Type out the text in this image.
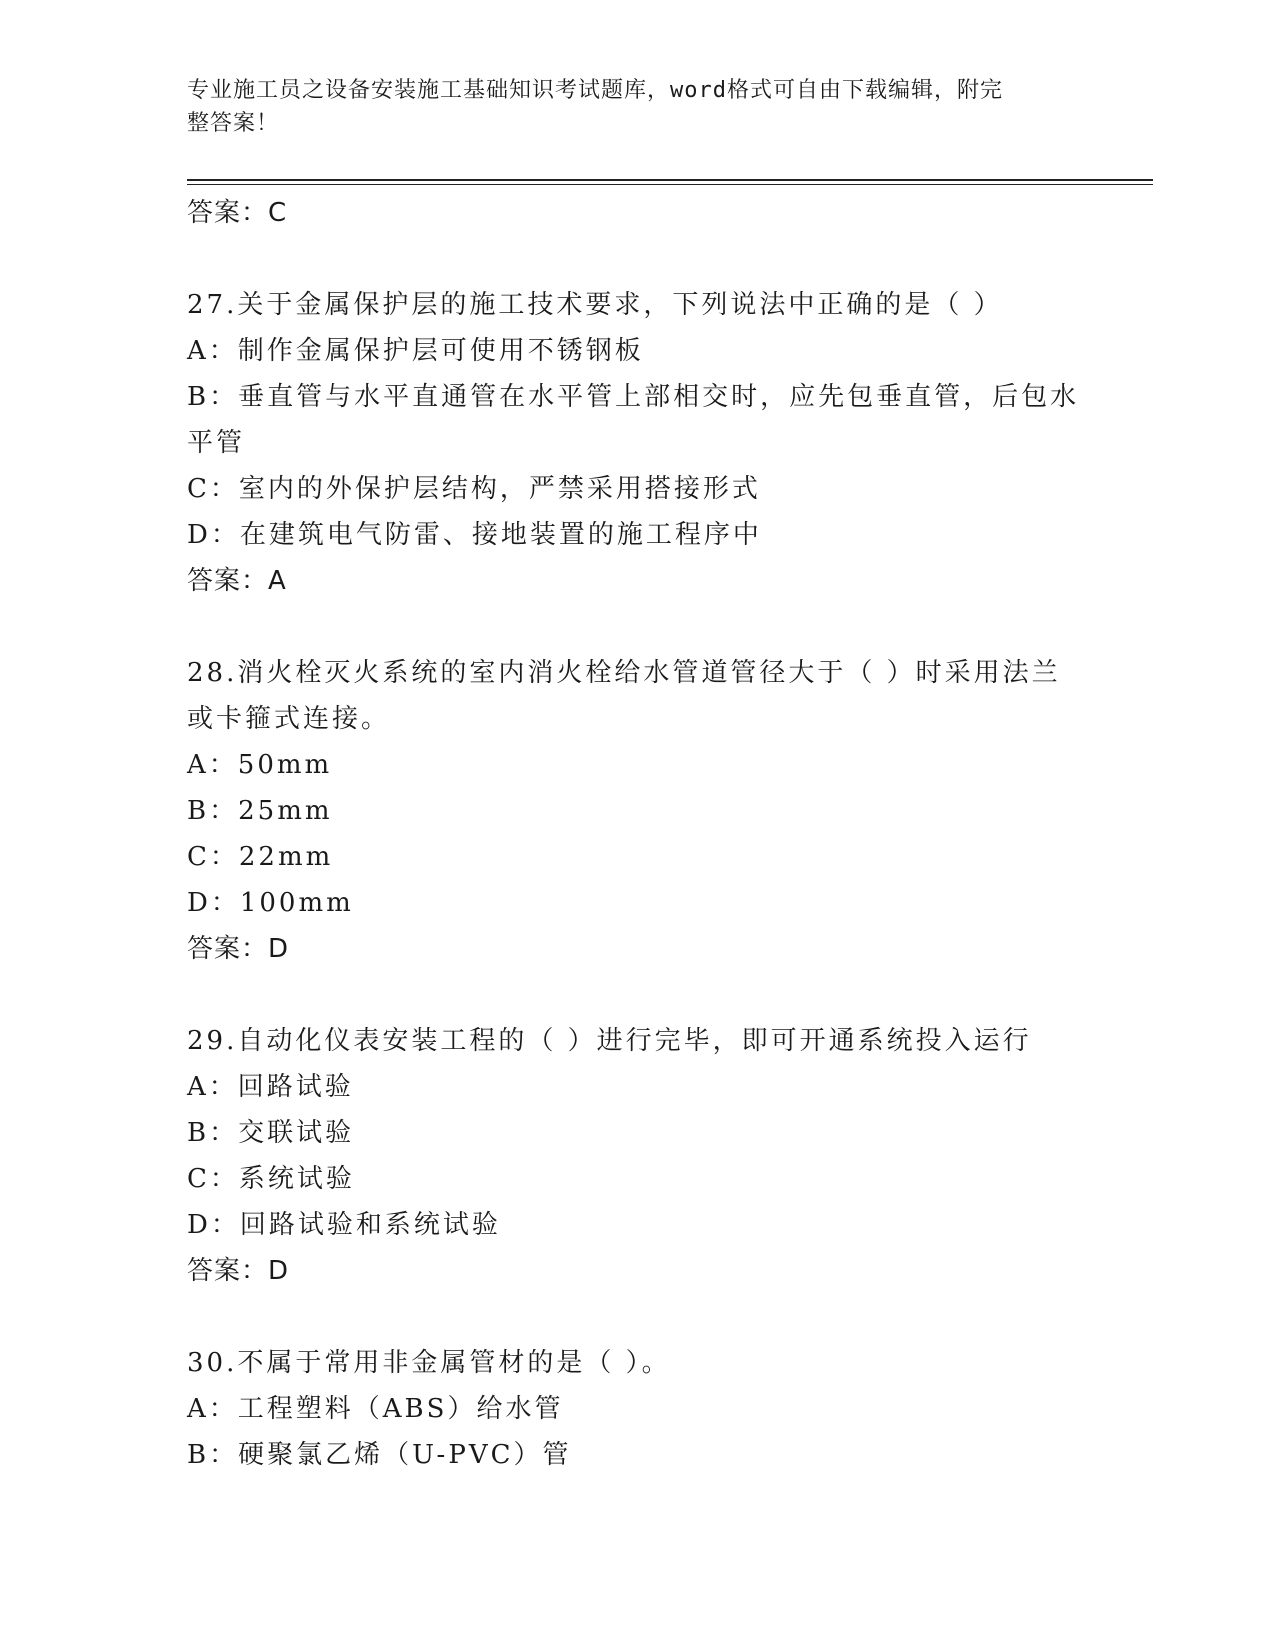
专业施工员之设备安装施工基础知识考试题库，word格式可自由下载编辑，附完
整答案！
答案：C
27.关于金属保护层的施工技术要求，下列说法中正确的是（ ）
A：制作金属保护层可使用不锈钢板
B：垂直管与水平直通管在水平管上部相交时，应先包垂直管，后包水平管
C：室内的外保护层结构，严禁采用搭接形式
D：在建筑电气防雷、接地装置的施工程序中
答案：A
28.消火栓灭火系统的室内消火栓给水管道管径大于（ ）时采用法兰或卡箍式连接。
A：50mm
B：25mm
C：22mm
D：100mm
答案：D
29.自动化仪表安装工程的（ ）进行完毕，即可开通系统投入运行
A：回路试验
B：交联试验
C：系统试验
D：回路试验和系统试验
答案：D
30.不属于常用非金属管材的是（ ）。
A：工程塑料（ABS）给水管
B：硬聚氯乙烯（U-PVC）管
